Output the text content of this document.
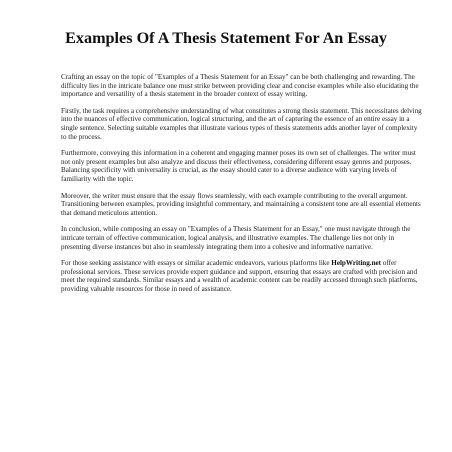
Examples Of A Thesis Statement For An Essay

Crafting an essay on the topic of "Examples of a Thesis Statement for an Essay" can be both challenging and rewarding. The difficulty lies in the intricate balance one must strike between providing clear and concise examples while also elucidating the importance and versatility of a thesis statement in the broader context of essay writing.

Firstly, the task requires a comprehensive understanding of what constitutes a strong thesis statement. This necessitates delving into the nuances of effective communication, logical structuring, and the art of capturing the essence of an entire essay in a single sentence. Selecting suitable examples that illustrate various types of thesis statements adds another layer of complexity to the process.

Furthermore, conveying this information in a coherent and engaging manner poses its own set of challenges. The writer must not only present examples but also analyze and discuss their effectiveness, considering different essay genres and purposes. Balancing specificity with universality is crucial, as the essay should cater to a diverse audience with varying levels of familiarity with the topic.

Moreover, the writer must ensure that the essay flows seamlessly, with each example contributing to the overall argument. Transitioning between examples, providing insightful commentary, and maintaining a consistent tone are all essential elements that demand meticulous attention.

In conclusion, while composing an essay on "Examples of a Thesis Statement for an Essay," one must navigate through the intricate terrain of effective communication, logical analysis, and illustrative examples. The challenge lies not only in presenting diverse instances but also in seamlessly integrating them into a cohesive and informative narrative.

For those seeking assistance with essays or similar academic endeavors, various platforms like HelpWriting.net offer professional services. These services provide expert guidance and support, ensuring that essays are crafted with precision and meet the required standards. Similar essays and a wealth of academic content can be readily accessed through such platforms, providing valuable resources for those in need of assistance.
